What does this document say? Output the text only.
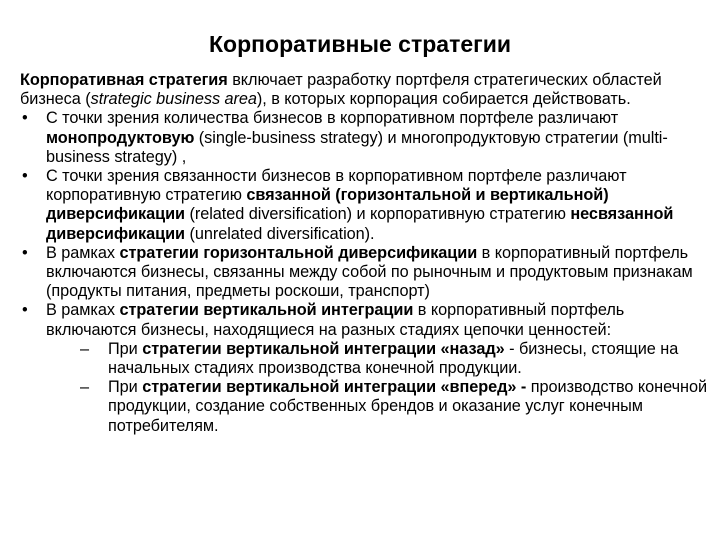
Корпоративные стратегии

Корпоративная стратегия включает разработку портфеля стратегических областей бизнеса (strategic business area), в которых корпорация собирается действовать.

• С точки зрения количества бизнесов в корпоративном портфеле различают монопродуктовую (single-business strategy) и многопродуктовую стратегии (multi-business strategy) ,
• С точки зрения связанности бизнесов в корпоративном портфеле различают корпоративную стратегию связанной (горизонтальной и вертикальной) диверсификации (related diversification) и корпоративную стратегию несвязанной диверсификации (unrelated diversification).
• В рамках стратегии горизонтальной диверсификации в корпоративный портфель включаются бизнесы, связанны между собой по рыночным и продуктовым признакам (продукты питания, предметы роскоши, транспорт)
• В рамках стратегии вертикальной интеграции в корпоративный портфель включаются бизнесы, находящиеся на разных стадиях цепочки ценностей:
– При стратегии вертикальной интеграции «назад» - бизнесы, стоящие на начальных стадиях производства конечной продукции.
– При стратегии вертикальной интеграции «вперед» - производство конечной продукции, создание собственных брендов и оказание услуг конечным потребителям.
